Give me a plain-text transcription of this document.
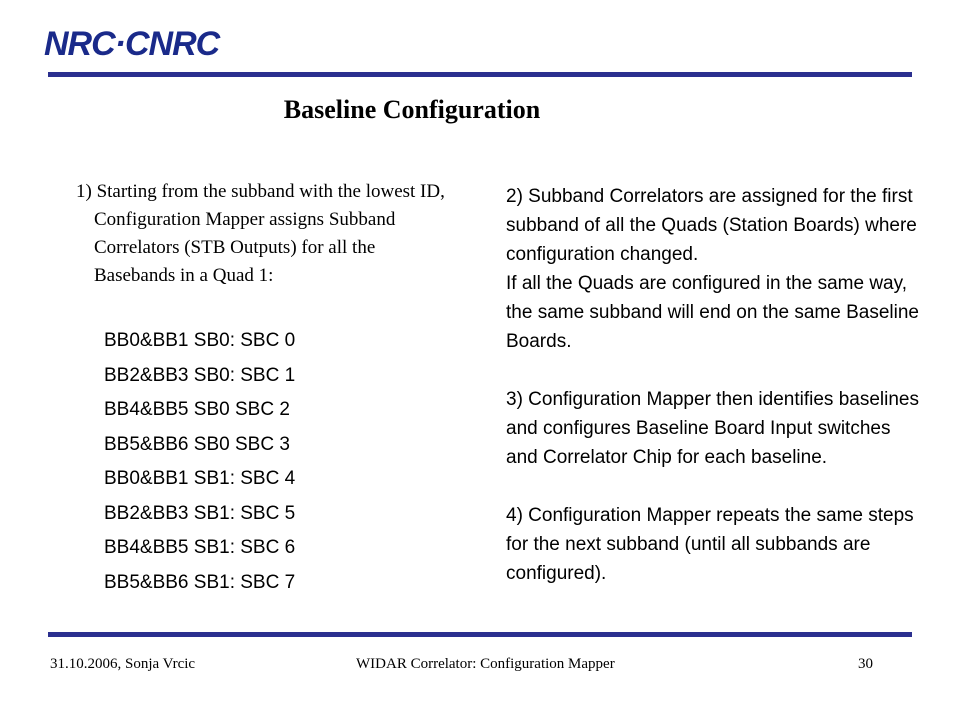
NRC·CNRC
Baseline Configuration
1) Starting from the subband with the lowest ID, Configuration Mapper assigns Subband Correlators (STB Outputs) for all the Basebands in a Quad 1:
BB0&BB1 SB0: SBC 0
BB2&BB3 SB0: SBC 1
BB4&BB5 SB0 SBC 2
BB5&BB6 SB0 SBC 3
BB0&BB1 SB1: SBC 4
BB2&BB3 SB1: SBC 5
BB4&BB5 SB1: SBC 6
BB5&BB6 SB1: SBC 7

2) Subband Correlators are assigned for the first subband of all the Quads (Station Boards) where configuration changed.

If all the Quads are configured in the same way, the same subband will end on the same Baseline Boards.

3) Configuration Mapper then identifies baselines and configures Baseline Board Input switches and Correlator Chip for each baseline.

4) Configuration Mapper repeats the same steps for the next subband (until all subbands are configured).

31.10.2006, Sonja Vrcic	WIDAR Correlator: Configuration Mapper	30
